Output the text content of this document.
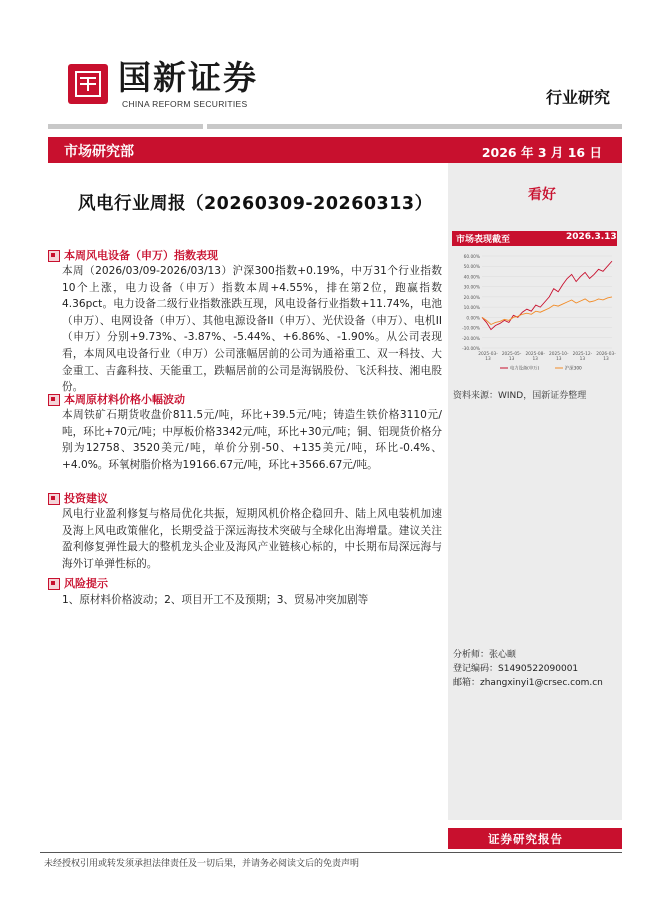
国新证券
CHINA REFORM SECURITIES	行业研究
市场研究部	2026 年 3 月 16 日
风电行业周报（20260309-20260313）	看好
本周风电设备（申万）指数表现
本周（2026/03/09-2026/03/13）沪深300指数+0.19%，中万31个行业指数10个上涨，电力设备（申万）指数本周+4.55%，排在第2位，跑赢指数4.36pct。电力设备二级行业指数涨跌互现，风电设备行业指数+11.74%，电池（申万）、电网设备（申万）、其他电源设备II（申万）、光伏设备（申万）、电机II（申万）分别+9.73%、-3.87%、-5.44%、+6.86%、-1.90%。从公司表现看，本周风电设备行业（申万）公司涨幅居前的公司为通裕重工、双一科技、大金重工、吉鑫科技、天能重工，跌幅居前的公司是海锅股份、飞沃科技、湘电股份。
本周原材料价格小幅波动
本周铁矿石期货收盘价811.5元/吨，环比+39.5元/吨；铸造生铁价格3110元/吨，环比+70元/吨；中厚板价格3342元/吨，环比+30元/吨；铜、铝现货价格分别为12758、3520美元/吨，单价分别-50、+135美元/吨，环比-0.4%、+4.0%。环氧树脂价格为19166.67元/吨，环比+3566.67元/吨。
投资建议
风电行业盈利修复与格局优化共振，短期风机价格企稳回升、陆上风电装机加速及海上风电政策催化，长期受益于深远海技术突破与全球化出海增量。建议关注盈利修复弹性最大的整机龙头企业及海风产业链核心标的，中长期布局深远海与海外订单弹性标的。
风险提示
1、原材料价格波动；2、项目开工不及预期；3、贸易冲突加剧等
市场表现截至	2026.3.13
60.00%
50.00%
40.00%
30.00%
20.00%
10.00%
0.00%
-10.00%
-20.00%
-30.00%
2025-03-
13
2025-05-
13
2025-08-
13
2025-10-
13
2025-12-
13
2026-03-
13
电力设备(申万)	沪深300
资料来源：WIND，国新证券整理
分析师：张心颐
登记编码：S1490522090001
邮箱：zhangxinyi1@crsec.com.cn
证券研究报告
未经授权引用或转发须承担法律责任及一切后果，并请务必阅读文后的免责声明
